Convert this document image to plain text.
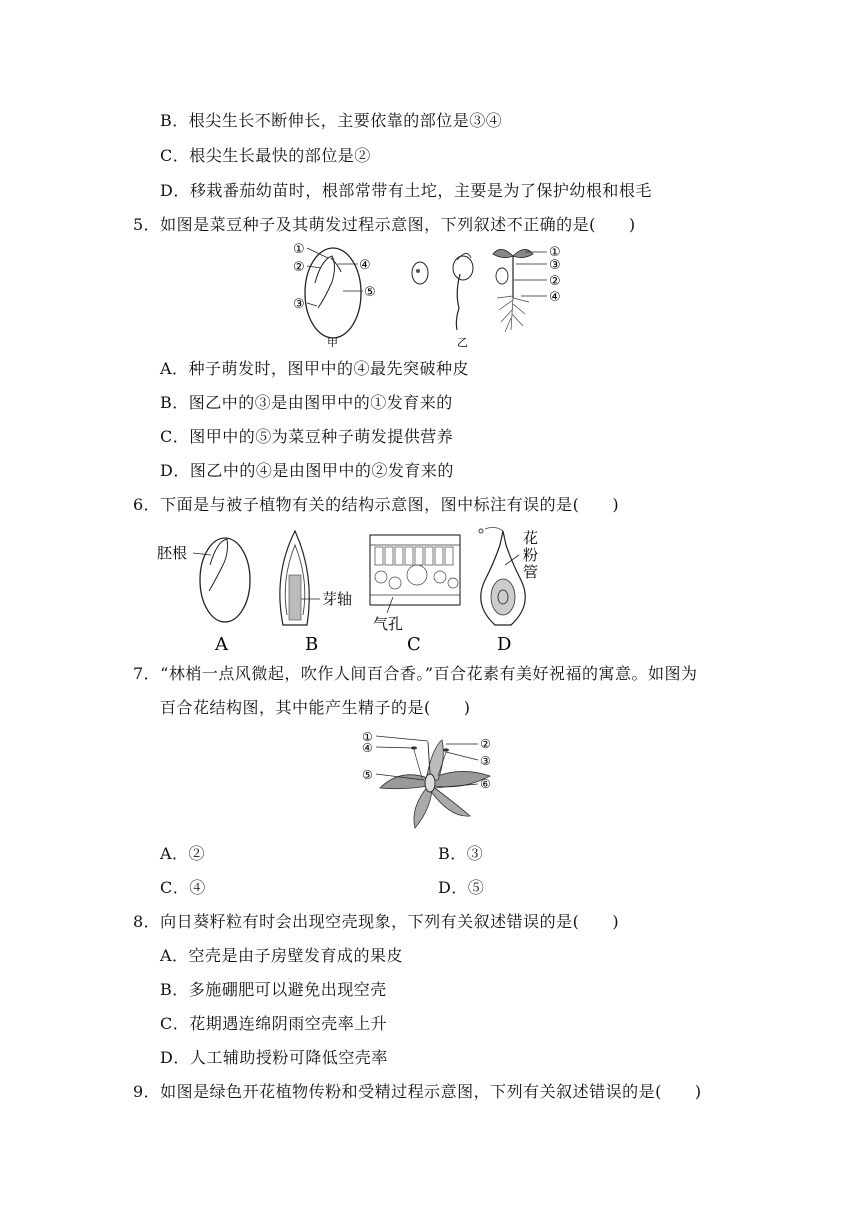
B．根尖生长不断伸长，主要依靠的部位是③④
C．根尖生长最快的部位是②
D．移栽番茄幼苗时，根部常带有土坨，主要是为了保护幼根和根毛
5．如图是菜豆种子及其萌发过程示意图，下列叙述不正确的是(　　)
①
②
③
④
⑤
甲	乙
①
③
②
④
A．种子萌发时，图甲中的④最先突破种皮
B．图乙中的③是由图甲中的①发育来的
C．图甲中的⑤为菜豆种子萌发提供营养
D．图乙中的④是由图甲中的②发育来的
6．下面是与被子植物有关的结构示意图，图中标注有误的是(　　)
胚根
A
芽轴
B
气孔
C
花
粉
管
D
7．“林梢一点风微起，吹作人间百合香。”百合花素有美好祝福的寓意。如图为
百合花结构图，其中能产生精子的是(　　)
①	②
③
④
⑤
⑥
A．②	B．③
C．④	D．⑤
8．向日葵籽粒有时会出现空壳现象，下列有关叙述错误的是(　　)
A．空壳是由子房壁发育成的果皮
B．多施硼肥可以避免出现空壳
C．花期遇连绵阴雨空壳率上升
D．人工辅助授粉可降低空壳率
9．如图是绿色开花植物传粉和受精过程示意图，下列有关叙述错误的是(　　)
